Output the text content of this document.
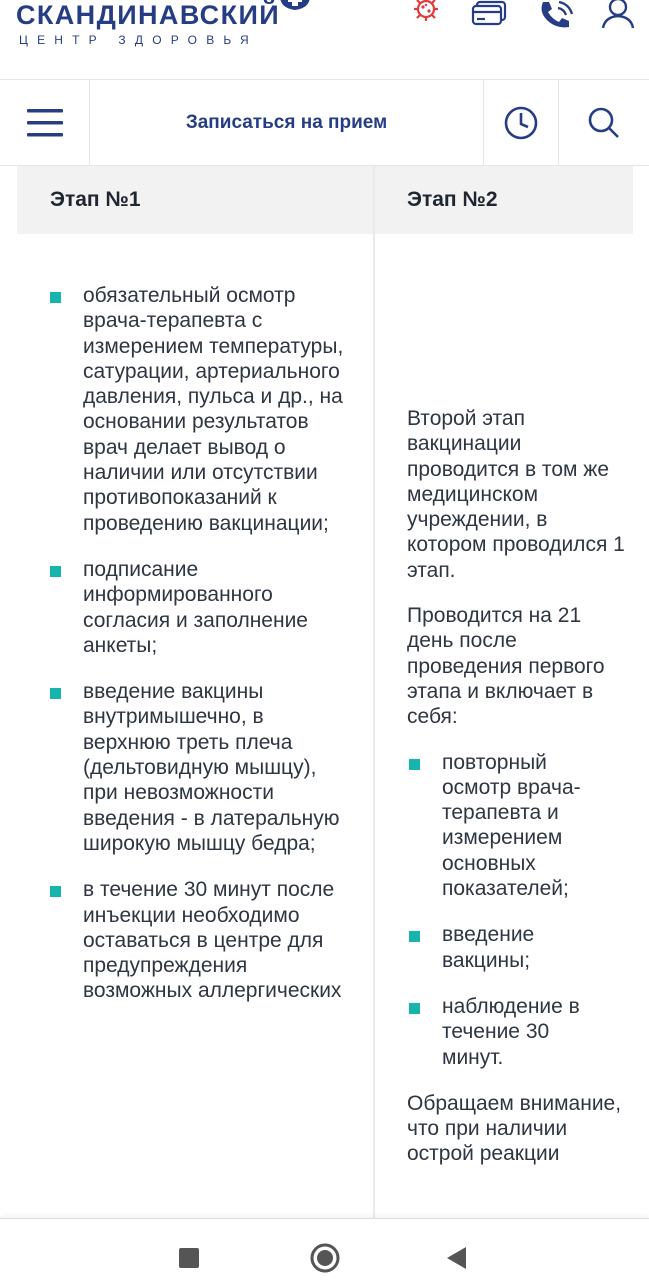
СКАНДИНАВСКИЙ
ЦЕНТР ЗДОРОВЬЯ
Записаться на прием
Этап №1	Этап №2
обязательный осмотр врача-терапевта с измерением температуры, сатурации, артериального давления, пульса и др., на основании результатов врач делает вывод о наличии или отсутствии противопоказаний к проведению вакцинации;
подписание информированного согласия и заполнение анкеты;
введение вакцины внутримышечно, в верхнюю треть плеча (дельтовидную мышцу), при невозможности введения - в латеральную широкую мышцу бедра;
в течение 30 минут после инъекции необходимо оставаться в центре для предупреждения возможных аллергических

Второй этап вакцинации проводится в том же медицинском учреждении, в котором проводился 1 этап.

Проводится на 21 день после проведения первого этапа и включает в себя:

повторный осмотр врача-терапевта и измерением основных показателей;
введение вакцины;
наблюдение в течение 30 минут.

Обращаем внимание, что при наличии острой реакции
